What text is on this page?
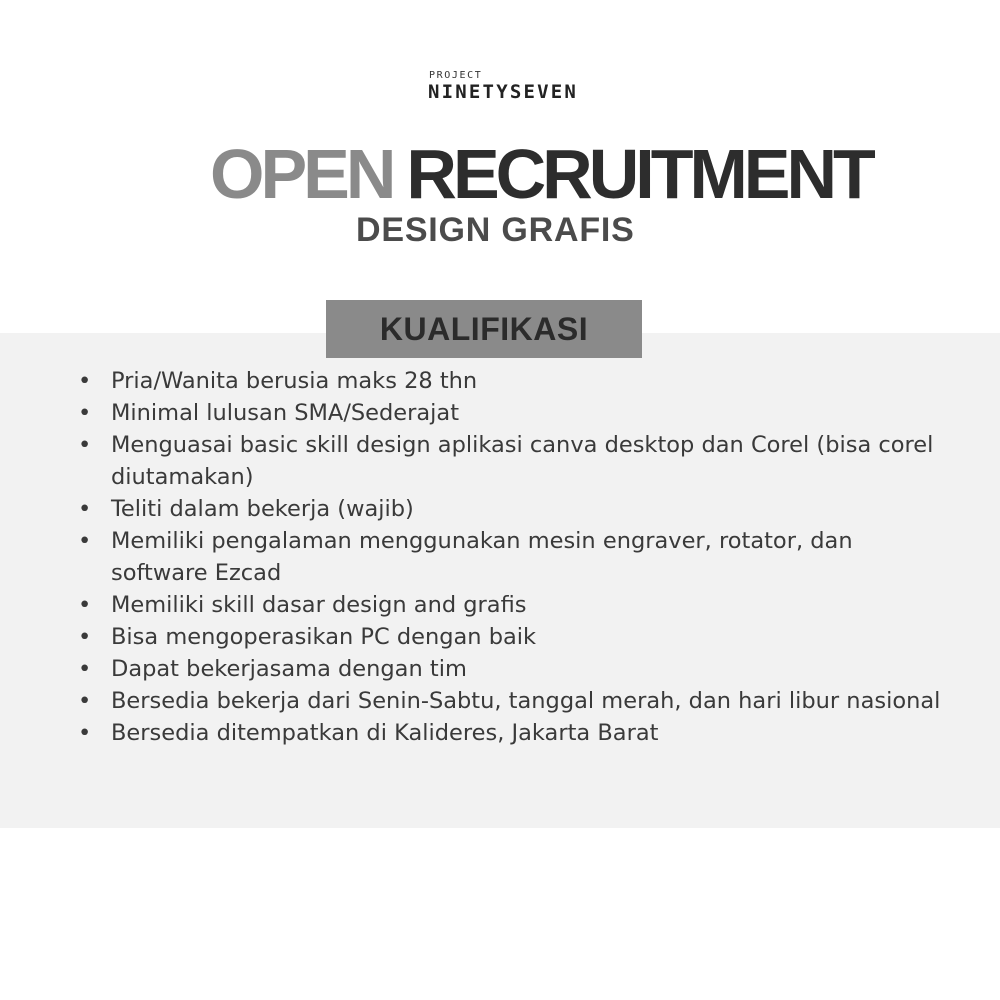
PROJECT
NINETYSEVEN
OPEN RECRUITMENT
DESIGN GRAFIS
KUALIFIKASI
• Pria/Wanita berusia maks 28 thn
• Minimal lulusan SMA/Sederajat
• Menguasai basic skill design aplikasi canva desktop dan Corel (bisa corel diutamakan)
• Teliti dalam bekerja (wajib)
• Memiliki pengalaman menggunakan mesin engraver, rotator, dan software Ezcad
• Memiliki skill dasar design and grafis
• Bisa mengoperasikan PC dengan baik
• Dapat bekerjasama dengan tim
• Bersedia bekerja dari Senin-Sabtu, tanggal merah, dan hari libur nasional
• Bersedia ditempatkan di Kalideres, Jakarta Barat
